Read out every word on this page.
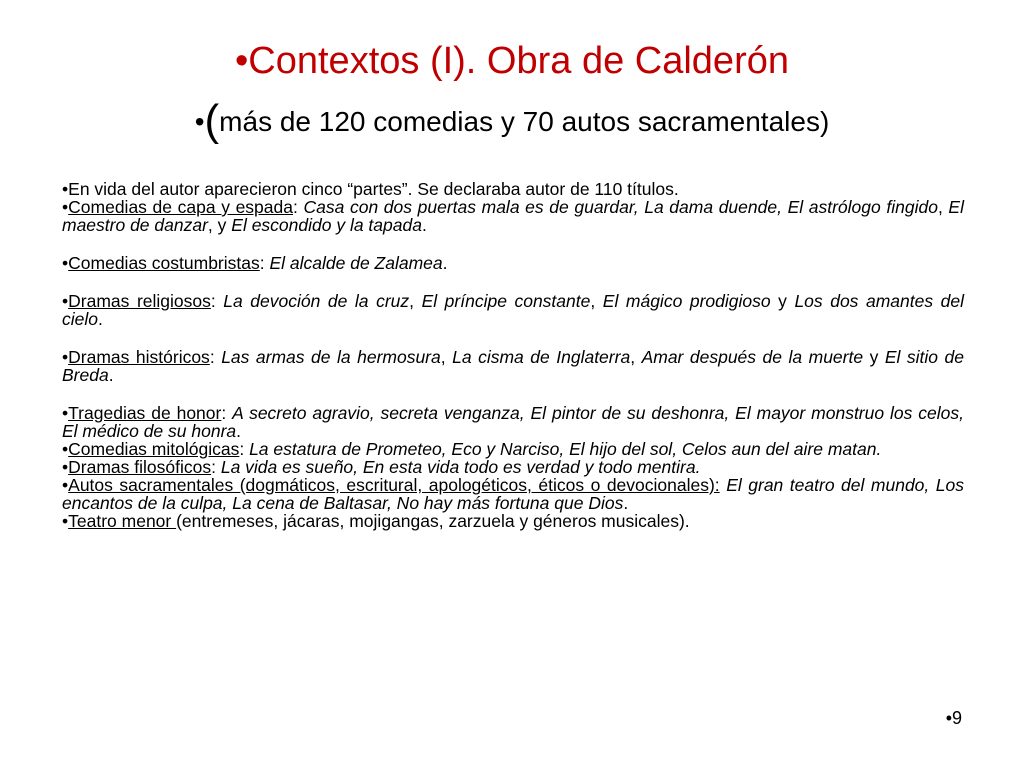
•Contextos (I). Obra de Calderón
•(más de 120 comedias y 70 autos sacramentales)

•En vida del autor aparecieron cinco “partes”. Se declaraba autor de 110 títulos.

•Comedias de capa y espada: Casa con dos puertas mala es de guardar, La dama duende, El astrólogo fingido, El maestro de danzar, y El escondido y la tapada.

•Comedias costumbristas: El alcalde de Zalamea.

•Dramas religiosos: La devoción de la cruz, El príncipe constante, El mágico prodigioso y Los dos amantes del cielo.

•Dramas históricos: Las armas de la hermosura, La cisma de Inglaterra, Amar después de la muerte y El sitio de Breda.

•Tragedias de honor: A secreto agravio, secreta venganza, El pintor de su deshonra, El mayor monstruo los celos, El médico de su honra.

•Comedias mitológicas: La estatura de Prometeo, Eco y Narciso, El hijo del sol, Celos aun del aire matan.

•Dramas filosóficos: La vida es sueño, En esta vida todo es verdad y todo mentira.

•Autos sacramentales (dogmáticos, escritural, apologéticos, éticos o devocionales): El gran teatro del mundo, Los encantos de la culpa, La cena de Baltasar, No hay más fortuna que Dios.

•Teatro menor (entremeses, jácaras, mojigangas, zarzuela y géneros musicales).

•9
